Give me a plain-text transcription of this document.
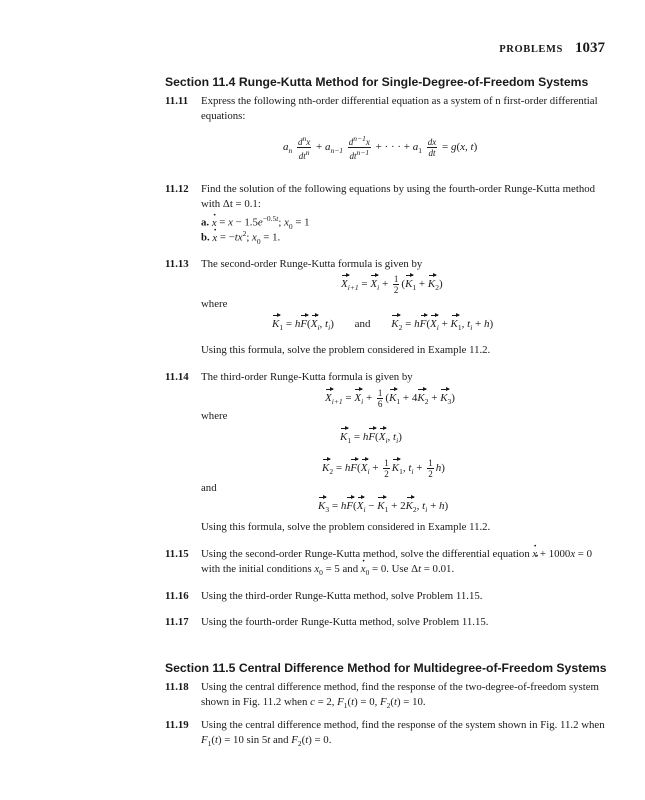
PROBLEMS 1037
Section 11.4 Runge-Kutta Method for Single-Degree-of-Freedom Systems
11.11 Express the following nth-order differential equation as a system of n first-order differential equations:
$a_n \frac{d^nx}{dt^n} + a_{n-1} \frac{d^{n-1}x}{dt^{n-1}}$ + · · · + $a_1 \frac{dx}{dt} = g(x$, t)
11.12 Find the solution of the following equations by using the fourth-order Runge-Kutta method with Δt = 0.1:
a. x · = $x - 1.5e^{-0.5t}$; $x_0 = 1$
b. x · = $-tx^2$; $x_0 = 1$.
11.13 The second-order Runge-Kutta formula is given by
$X_{i+1} = X_i + \frac{1}{2} (K_1 + K_2)$
where
$K_1 = hF(X_i$, $t_i$) and $K_2 = hF(X_i + K_1$, $t_i + h$)
Using this formula, solve the problem considered in Example 11.2.
11.14 The third-order Runge-Kutta formula is given by
$X_{i+1} = X_i + \frac{1}{6} (K_1 + 4K_2 + K_3)$
where
$K_1 = hF(X_i$, $t_i$)
$K_2 = hF(X_i + \frac{1}{2} K_1$, $t_i + \frac{1}{2} h$)
and
$K_3 = hF(X_i - K_1 + 2K_2$, $t_i + h$)
Using this formula, solve the problem considered in Example 11.2.
11.15 Using the second-order Runge-Kutta method, solve the differential equation x · + 1000x = 0
with the initial conditions $x_0 = 5$ and $x \cdot_0 = 0$. Use Δt = 0.01.
11.16 Using the third-order Runge-Kutta method, solve Problem 11.15.
11.17 Using the fourth-order Runge-Kutta method, solve Problem 11.15.
Section 11.5 Central Difference Method for Multidegree-of-Freedom Systems
11.18 Using the central difference method, find the response of the two-degree-of-freedom system shown in Fig. 11.2 when c = 2, $F_1(t) = 0$, $F_2(t) = 10$.
11.19 Using the central difference method, find the response of the system shown in Fig. 11.2 when $F_1(t) = 10$ sin 5t and $F_2(t) = 0$.
